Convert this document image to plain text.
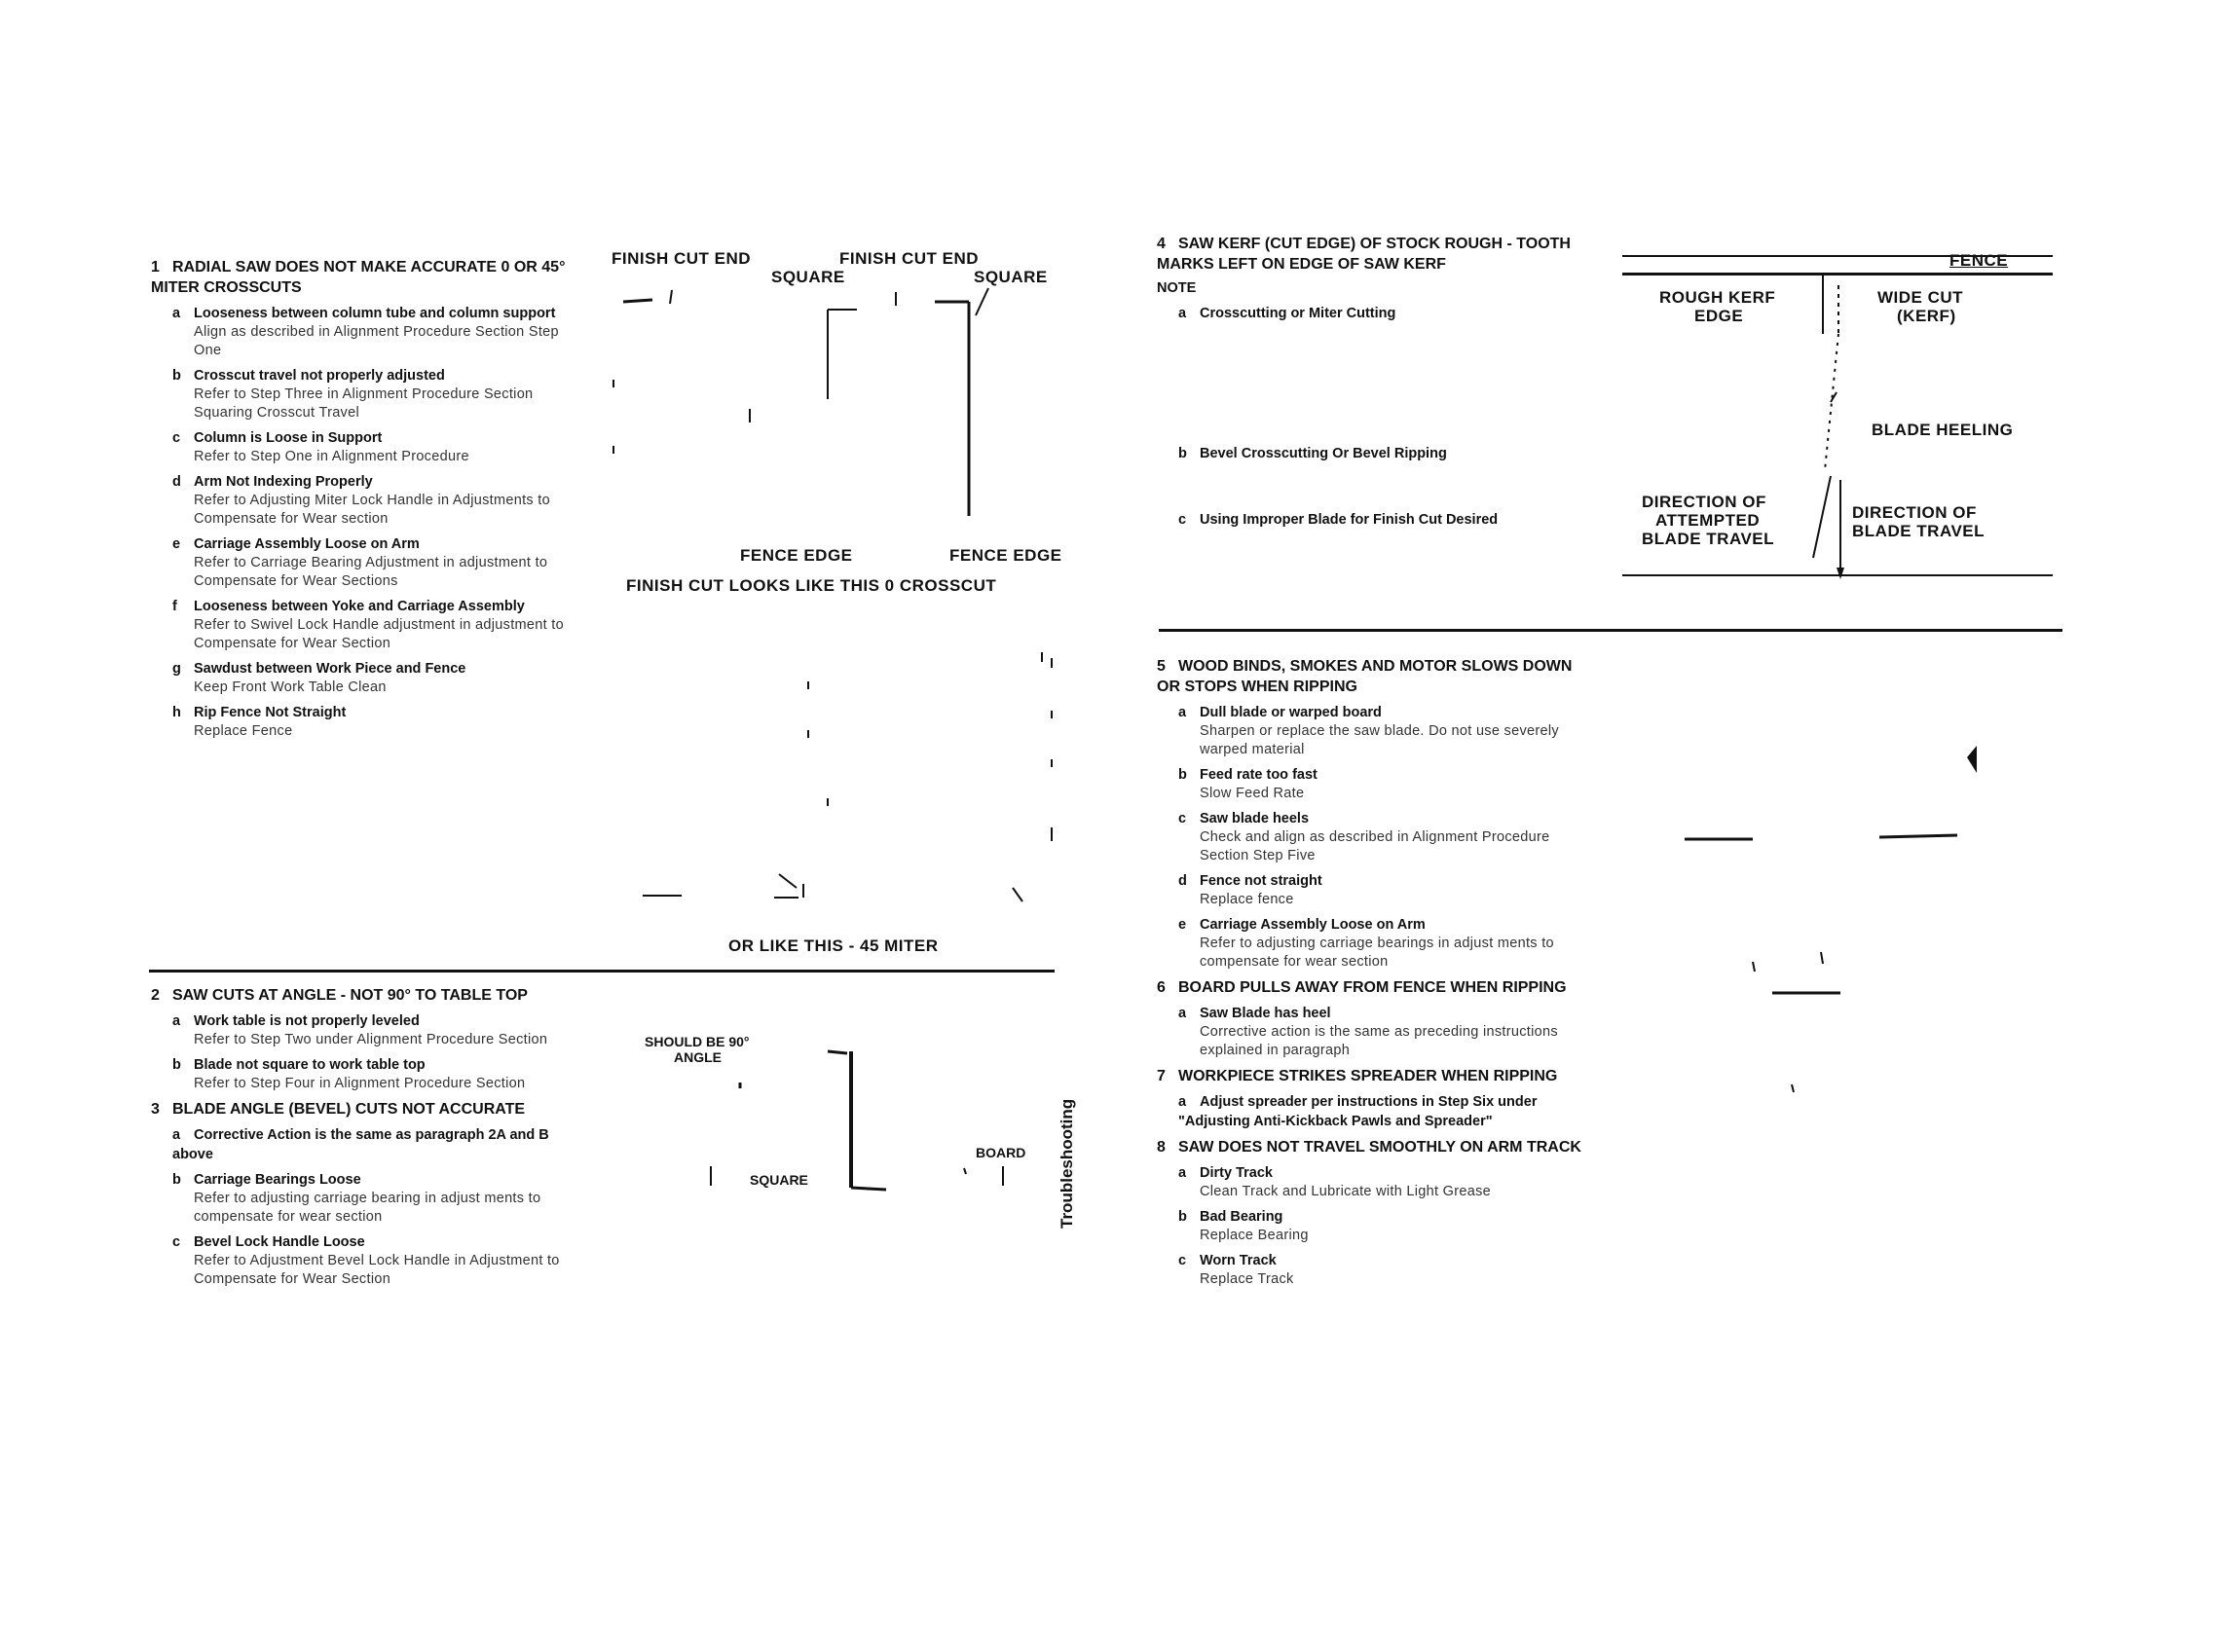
1 RADIAL SAW DOES NOT MAKE ACCURATE 0 OR 45° MITER CROSSCUTS
a Looseness between column tube and column support
Align as described in Alignment Procedure Section Step One
b Crosscut travel not properly adjusted
Refer to Step Three in Alignment Procedure Section Squaring Crosscut Travel
c Column is Loose in Support
Refer to Step One in Alignment Procedure
d Arm Not Indexing Properly
Refer to Adjusting Miter Lock Handle in Adjustments to Compensate for Wear section
e Carriage Assembly Loose on Arm
Refer to Carriage Bearing Adjustment in adjustment to Compensate for Wear Sections
f Looseness between Yoke and Carriage Assembly
Refer to Swivel Lock Handle adjustment in adjustment to Compensate for Wear Section
g Sawdust between Work Piece and Fence
Keep Front Work Table Clean
h Rip Fence Not Straight
Replace Fence
2 SAW CUTS AT ANGLE - NOT 90° TO TABLE TOP
a Work table is not properly leveled
Refer to Step Two under Alignment Procedure Section
b Blade not square to work table top
Refer to Step Four in Alignment Procedure Section
3 BLADE ANGLE (BEVEL) CUTS NOT ACCURATE
a Corrective Action is the same as paragraph 2A and B above
b Carriage Bearings Loose
Refer to adjusting carriage bearing in adjust ments to compensate for wear section
c Bevel Lock Handle Loose
Refer to Adjustment Bevel Lock Handle in Adjustment to Compensate for Wear Section
FINISH CUT END	FINISH CUT END
SQUARE	SQUARE
FENCE EDGE	FENCE EDGE
FINISH CUT LOOKS LIKE THIS 0 CROSSCUT
OR LIKE THIS - 45 MITER
SHOULD BE 90°
ANGLE
SQUARE
BOARD Troubleshooting
4 SAW KERF (CUT EDGE) OF STOCK ROUGH - TOOTH MARKS LEFT ON EDGE OF SAW KERF
NOTE
a Crosscutting or Miter Cutting
b Bevel Crosscutting Or Bevel Ripping
c Using Improper Blade for Finish Cut Desired
FENCE
ROUGH KERF
EDGE
WIDE CUT
(KERF)
BLADE HEELING
DIRECTION OF
ATTEMPTED
BLADE TRAVEL
DIRECTION OF
BLADE TRAVEL
5 WOOD BINDS, SMOKES AND MOTOR SLOWS DOWN OR STOPS WHEN RIPPING
a Dull blade or warped board
Sharpen or replace the saw blade. Do not use severely warped material
b Feed rate too fast
Slow Feed Rate
c Saw blade heels
Check and align as described in Alignment Procedure Section Step Five
d Fence not straight
Replace fence
e Carriage Assembly Loose on Arm
Refer to adjusting carriage bearings in adjust ments to compensate for wear section
6 BOARD PULLS AWAY FROM FENCE WHEN RIPPING
a Saw Blade has heel
Corrective action is the same as preceding instructions explained in paragraph
7 WORKPIECE STRIKES SPREADER WHEN RIPPING
a Adjust spreader per instructions in Step Six under "Adjusting Anti-Kickback Pawls and Spreader"
8 SAW DOES NOT TRAVEL SMOOTHLY ON ARM TRACK
a Dirty Track
Clean Track and Lubricate with Light Grease
b Bad Bearing
Replace Bearing
c Worn Track
Replace Track
